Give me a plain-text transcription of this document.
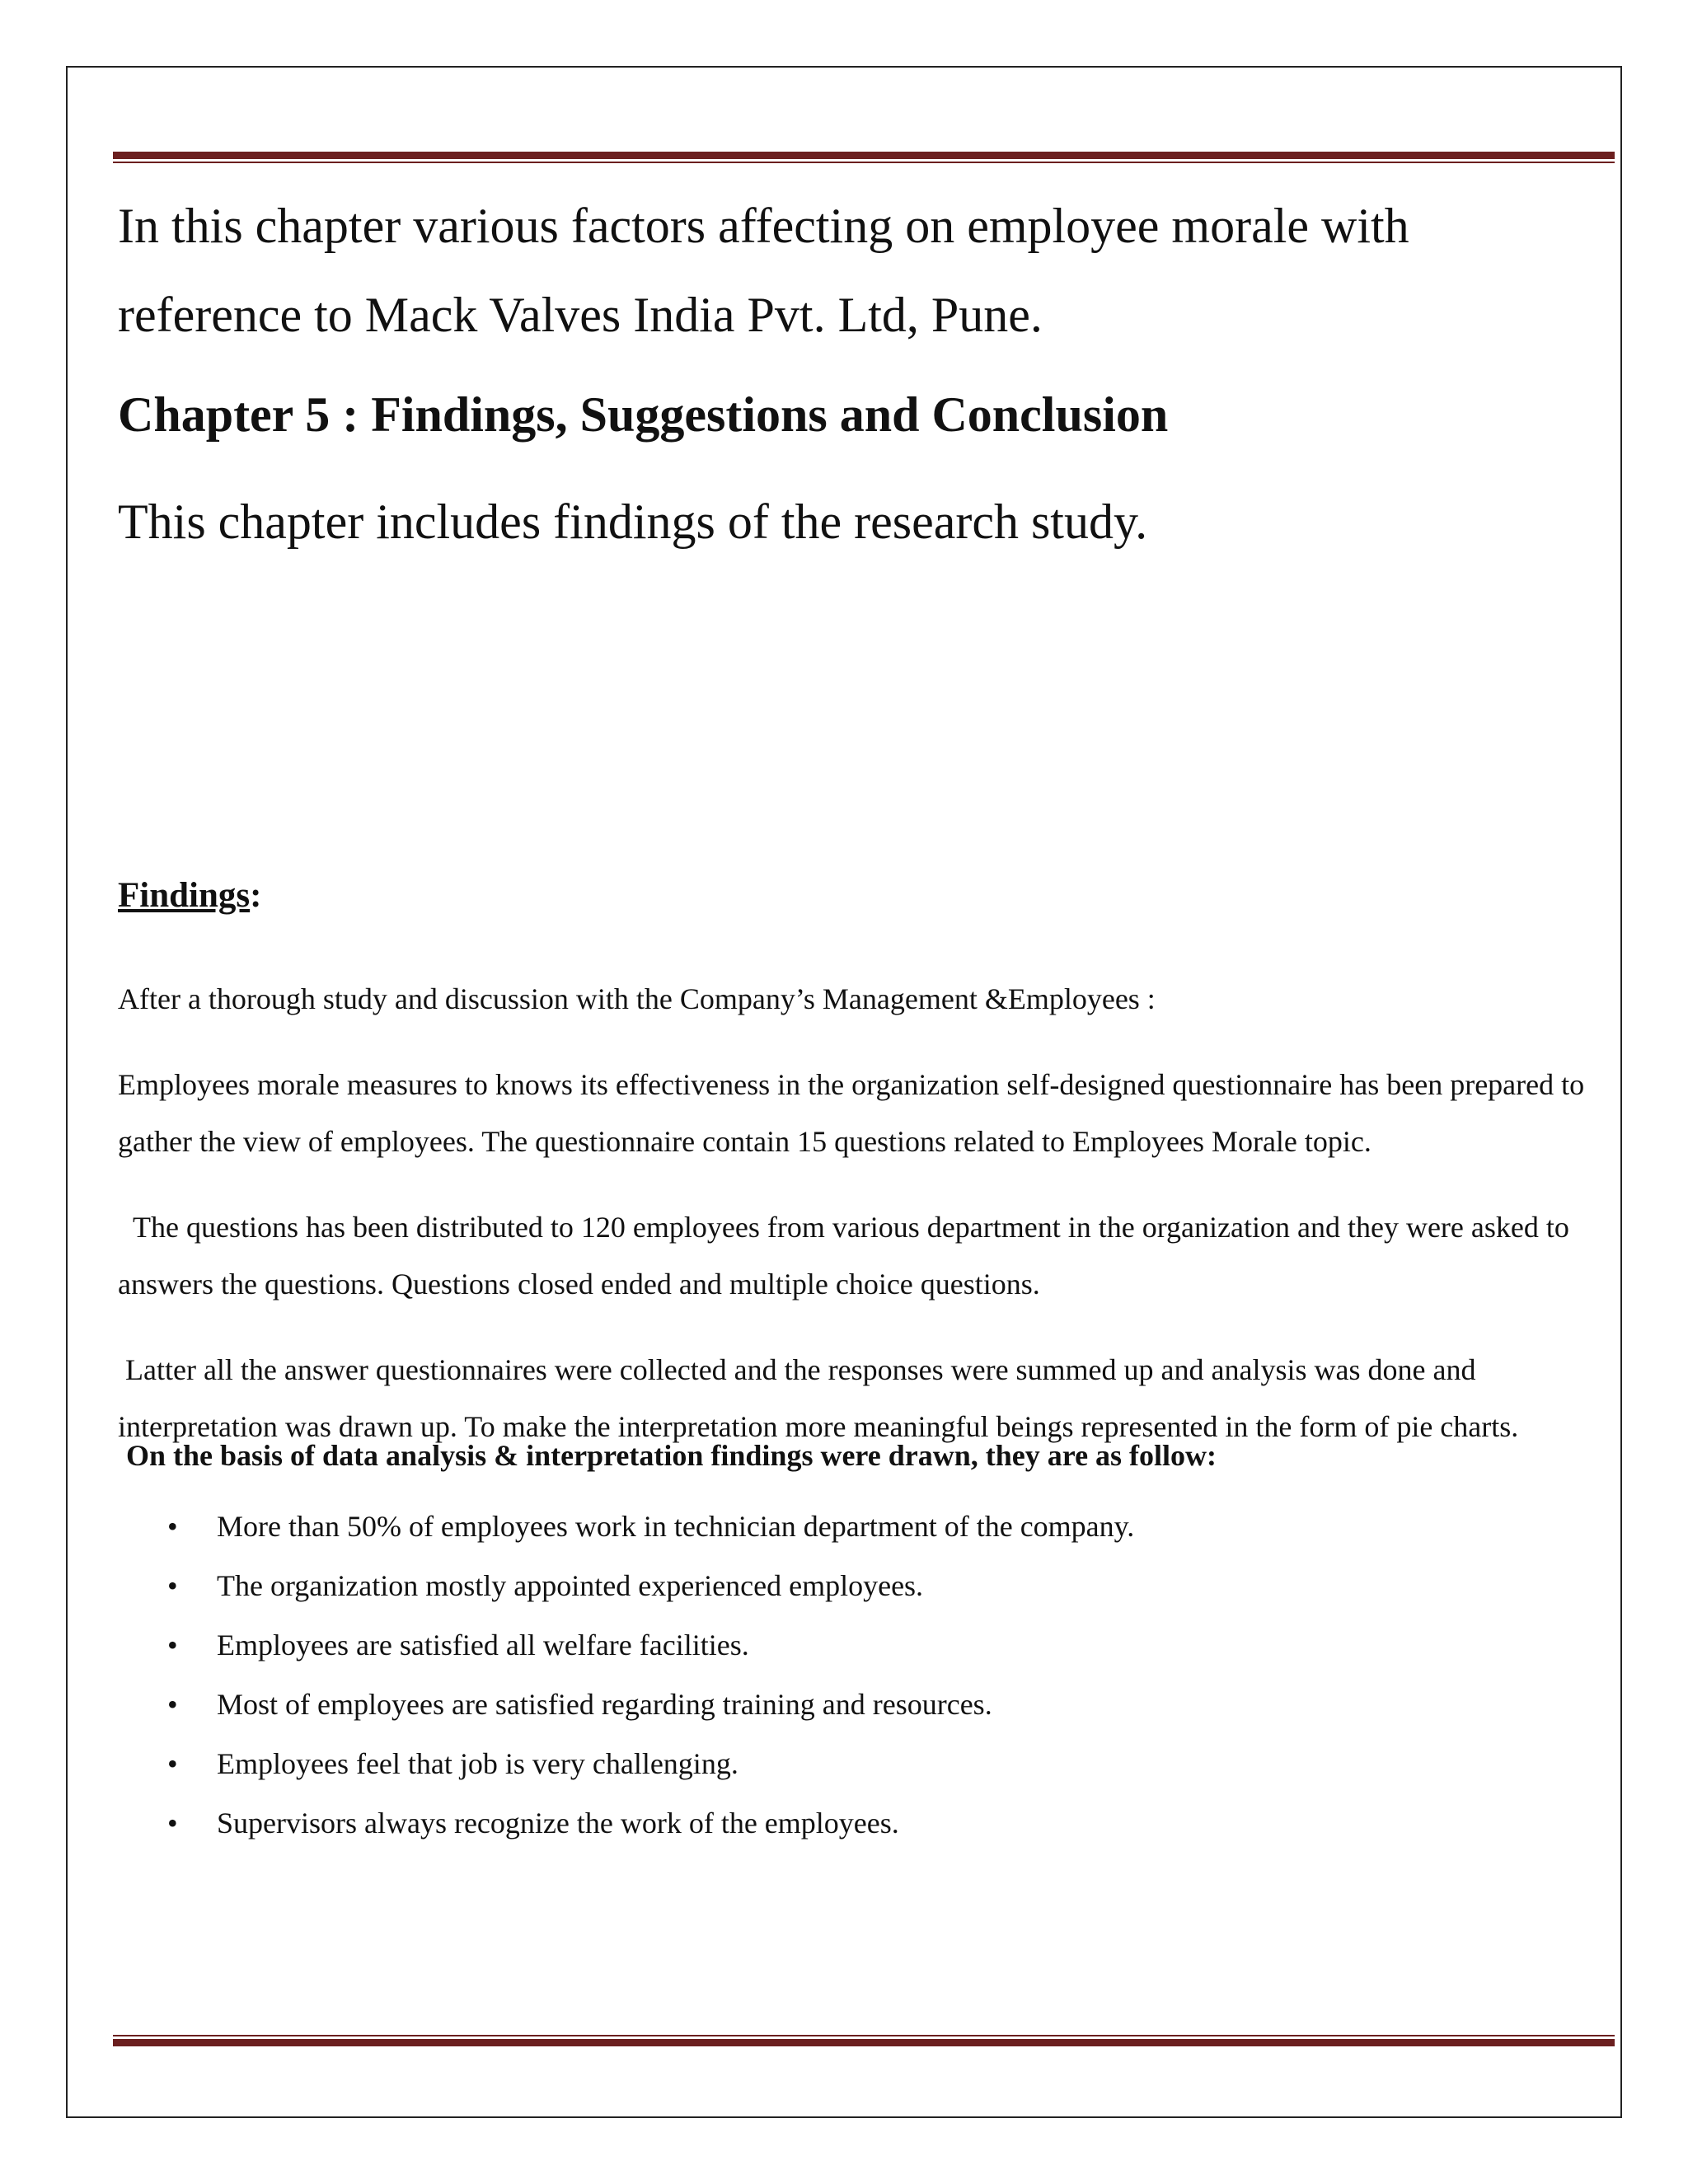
In this chapter various factors affecting on employee morale with reference to Mack Valves India Pvt. Ltd, Pune.

Chapter 5 : Findings, Suggestions and Conclusion

This chapter includes findings of the research study.

Findings:

After a thorough study and discussion with the Company’s Management &Employees :

Employees morale measures to knows its effectiveness in the organization self-designed questionnaire has been prepared to gather the view of employees. The questionnaire contain 15 questions related to Employees Morale topic.

The questions has been distributed to 120 employees from various department in the organization and they were asked to answers the questions. Questions closed ended and multiple choice questions.

Latter all the answer questionnaires were collected and the responses were summed up and analysis was done and interpretation was drawn up. To make the interpretation more meaningful beings represented in the form of pie charts.

On the basis of data analysis & interpretation findings were drawn, they are as follow:

• More than 50% of employees work in technician department of the company.
• The organization mostly appointed experienced employees.
• Employees are satisfied all welfare facilities.
• Most of employees are satisfied regarding training and resources.
• Employees feel that job is very challenging.
• Supervisors always recognize the work of the employees.
